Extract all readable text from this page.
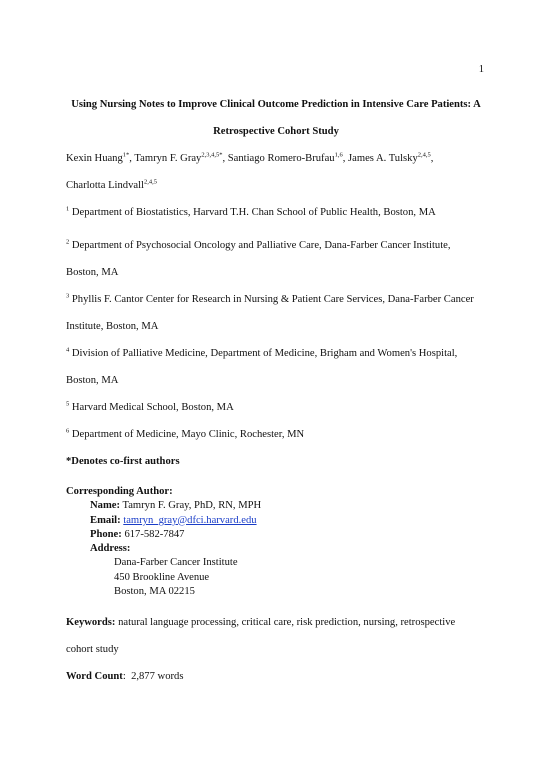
1
Using Nursing Notes to Improve Clinical Outcome Prediction in Intensive Care Patients: A
Retrospective Cohort Study
Kexin Huang$^{1*}$, Tamryn F. Gray$^{2,3,4,5*}$, Santiago Romero-Brufau$^{1,6}$, James A. Tulsky$^{2,4,5}$,
Charlotta Lindvall$^{2,4,5}$
$^1$ Department of Biostatistics, Harvard T.H. Chan School of Public Health, Boston, MA
$^2$ Department of Psychosocial Oncology and Palliative Care, Dana-Farber Cancer Institute,
Boston, MA
$^3$ Phyllis F. Cantor Center for Research in Nursing & Patient Care Services, Dana-Farber Cancer
Institute, Boston, MA
$^4$ Division of Palliative Medicine, Department of Medicine, Brigham and Women's Hospital,
Boston, MA
$^5$ Harvard Medical School, Boston, MA
$^6$ Department of Medicine, Mayo Clinic, Rochester, MN
*Denotes co-first authors
Corresponding Author:
Name: Tamryn F. Gray, PhD, RN, MPH
Email: tamryn_gray@dfci.harvard.edu
Phone: 617-582-7847
Address:
Dana-Farber Cancer Institute
450 Brookline Avenue
Boston, MA 02215
Keywords: natural language processing, critical care, risk prediction, nursing, retrospective
cohort study
Word Count:  2,877 words
